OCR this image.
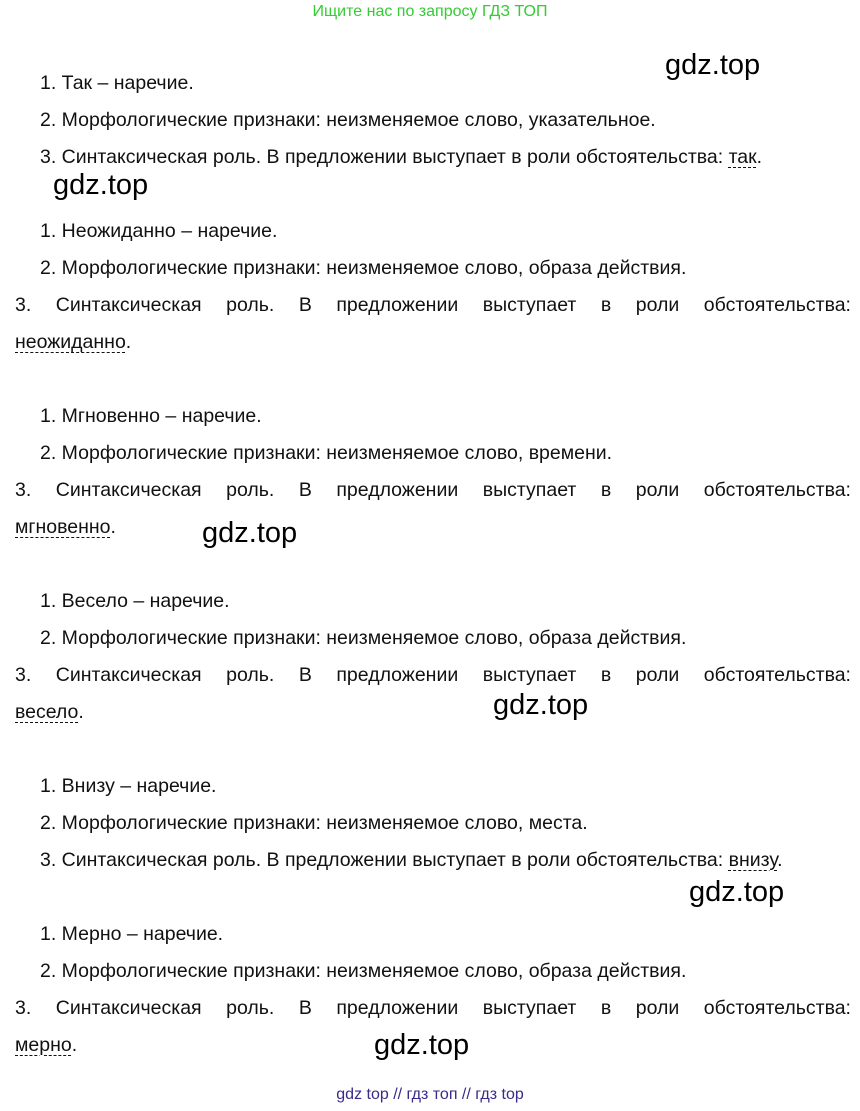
Ищите нас по запросу ГДЗ ТОП
1. Так – наречие.
2. Морфологические признаки: неизменяемое слово, указательное.
3. Синтаксическая роль. В предложении выступает в роли обстоятельства: так.
1. Неожиданно – наречие.
2. Морфологические признаки: неизменяемое слово, образа действия.
3. Синтаксическая роль. В предложении выступает в роли обстоятельства:
неожиданно.
1. Мгновенно – наречие.
2. Морфологические признаки: неизменяемое слово, времени.
3. Синтаксическая роль. В предложении выступает в роли обстоятельства:
мгновенно.
1. Весело – наречие.
2. Морфологические признаки: неизменяемое слово, образа действия.
3. Синтаксическая роль. В предложении выступает в роли обстоятельства:
весело.
1. Внизу – наречие.
2. Морфологические признаки: неизменяемое слово, места.
3. Синтаксическая роль. В предложении выступает в роли обстоятельства: внизу.
1. Мерно – наречие.
2. Морфологические признаки: неизменяемое слово, образа действия.
3. Синтаксическая роль. В предложении выступает в роли обстоятельства:
мерно.
gdz.top
gdz.top
gdz.top
gdz.top
gdz.top
gdz.top
gdz top // гдз топ // гдз top
